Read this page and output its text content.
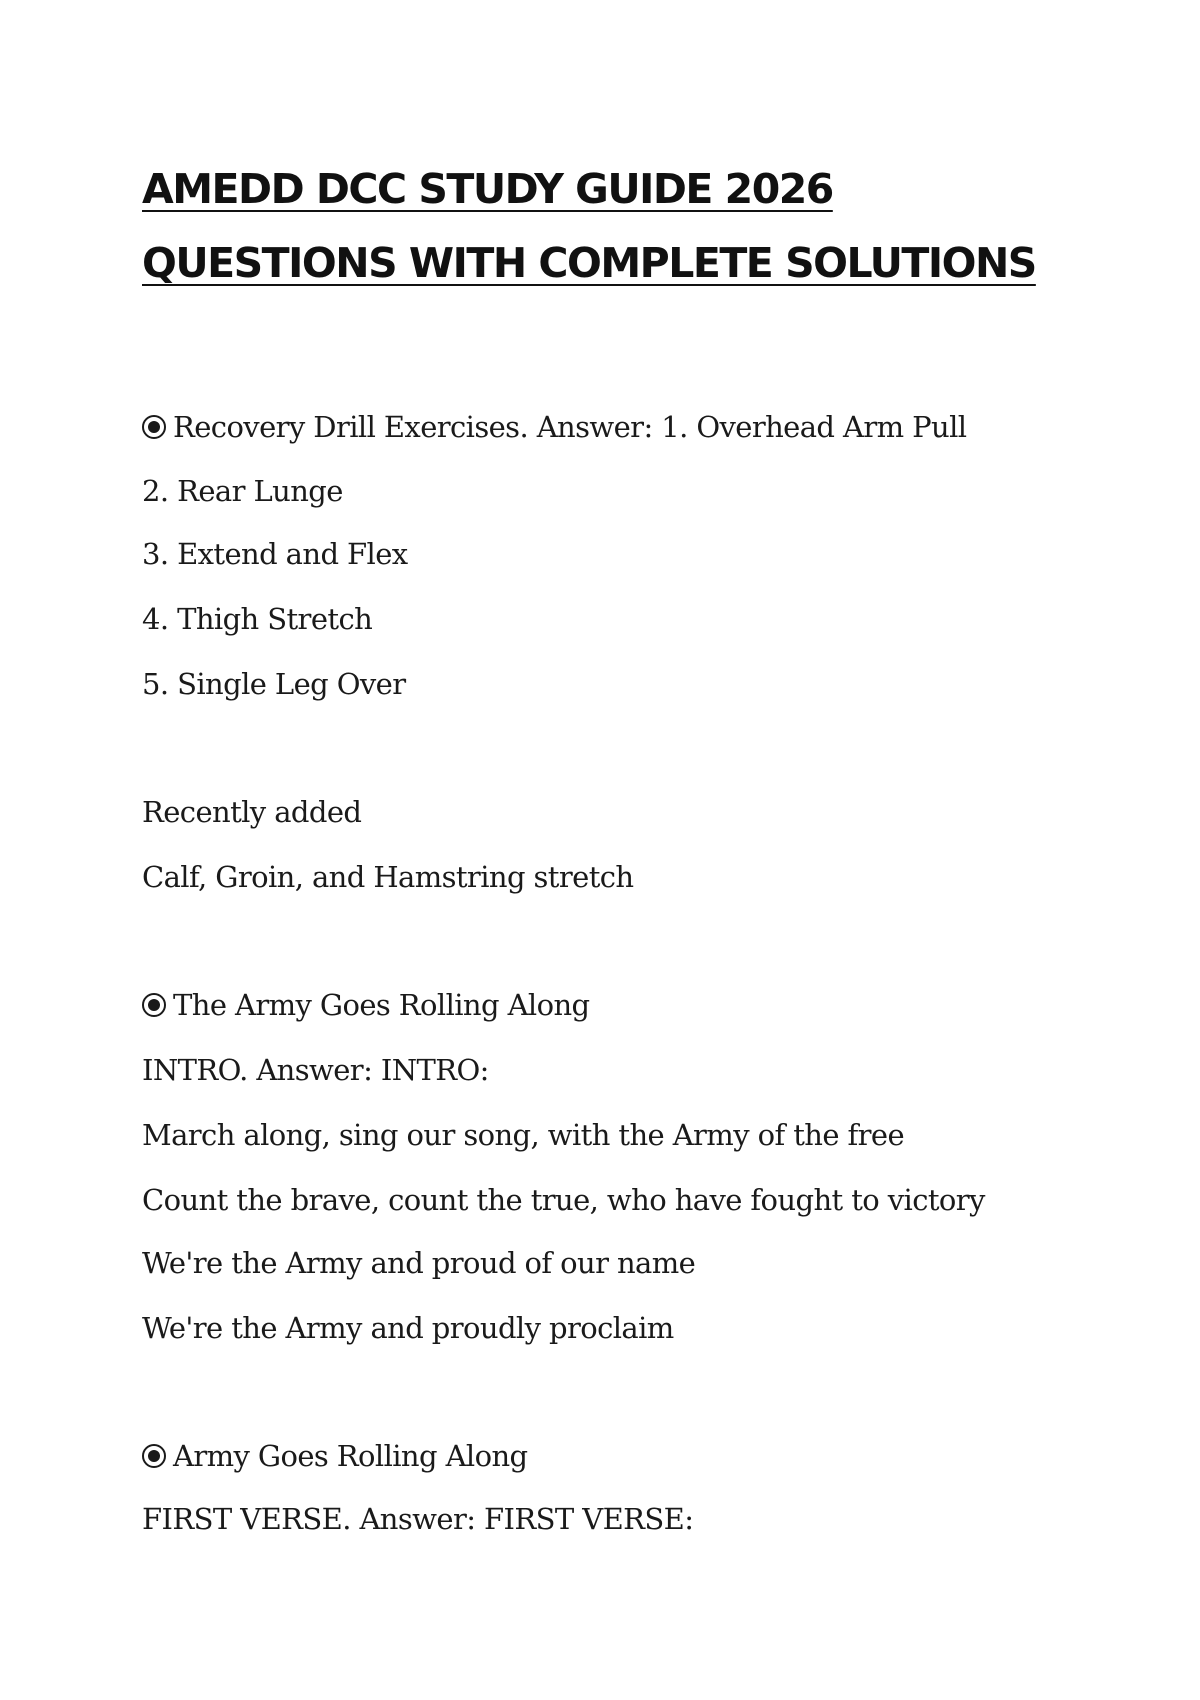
AMEDD DCC STUDY GUIDE 2026 QUESTIONS WITH COMPLETE SOLUTIONS
Recovery Drill Exercises. Answer: 1. Overhead Arm Pull
2. Rear Lunge
3. Extend and Flex
4. Thigh Stretch
5. Single Leg Over
Recently added
Calf, Groin, and Hamstring stretch
The Army Goes Rolling Along
INTRO. Answer: INTRO:
March along, sing our song, with the Army of the free
Count the brave, count the true, who have fought to victory
We're the Army and proud of our name
We're the Army and proudly proclaim
Army Goes Rolling Along
FIRST VERSE. Answer: FIRST VERSE:
